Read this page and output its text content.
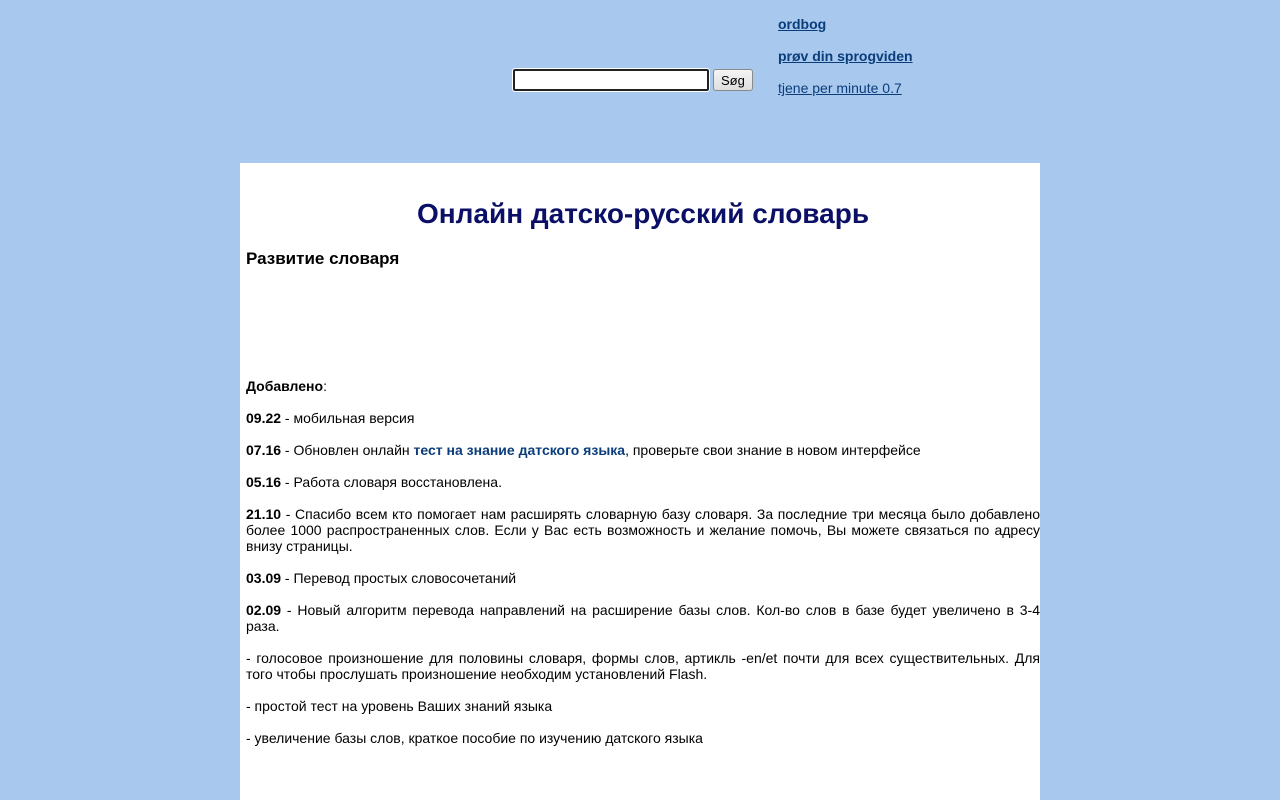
Søg
ordbog
prøv din sprogviden
tjene per minute 0.7
Онлайн датско-русский словарь
Развитие словаря

Добавлено:

09.22 - мобильная версия

07.16 - Обновлен онлайн тест на знание датского языка, проверьте свои знание в новом интерфейсе

05.16 - Работа словаря восстановлена.

21.10 - Спасибо всем кто помогает нам расширять словарную базу словаря. За последние три месяца было добавлено более 1000 распространенных слов. Если у Вас есть возможность и желание помочь, Вы можете связаться по адресу внизу страницы.

03.09 - Перевод простых словосочетаний

02.09 - Новый алгоритм перевода направлений на расширение базы слов. Кол-во слов в базе будет увеличено в 3-4 раза.

- голосовое произношение для половины словаря, формы слов, артикль -en/et почти для всех существительных. Для того чтобы прослушать произношение необходим установлений Flash.

- простой тест на уровень Ваших знаний языка

- увеличение базы слов, краткое пособие по изучению датского языка
